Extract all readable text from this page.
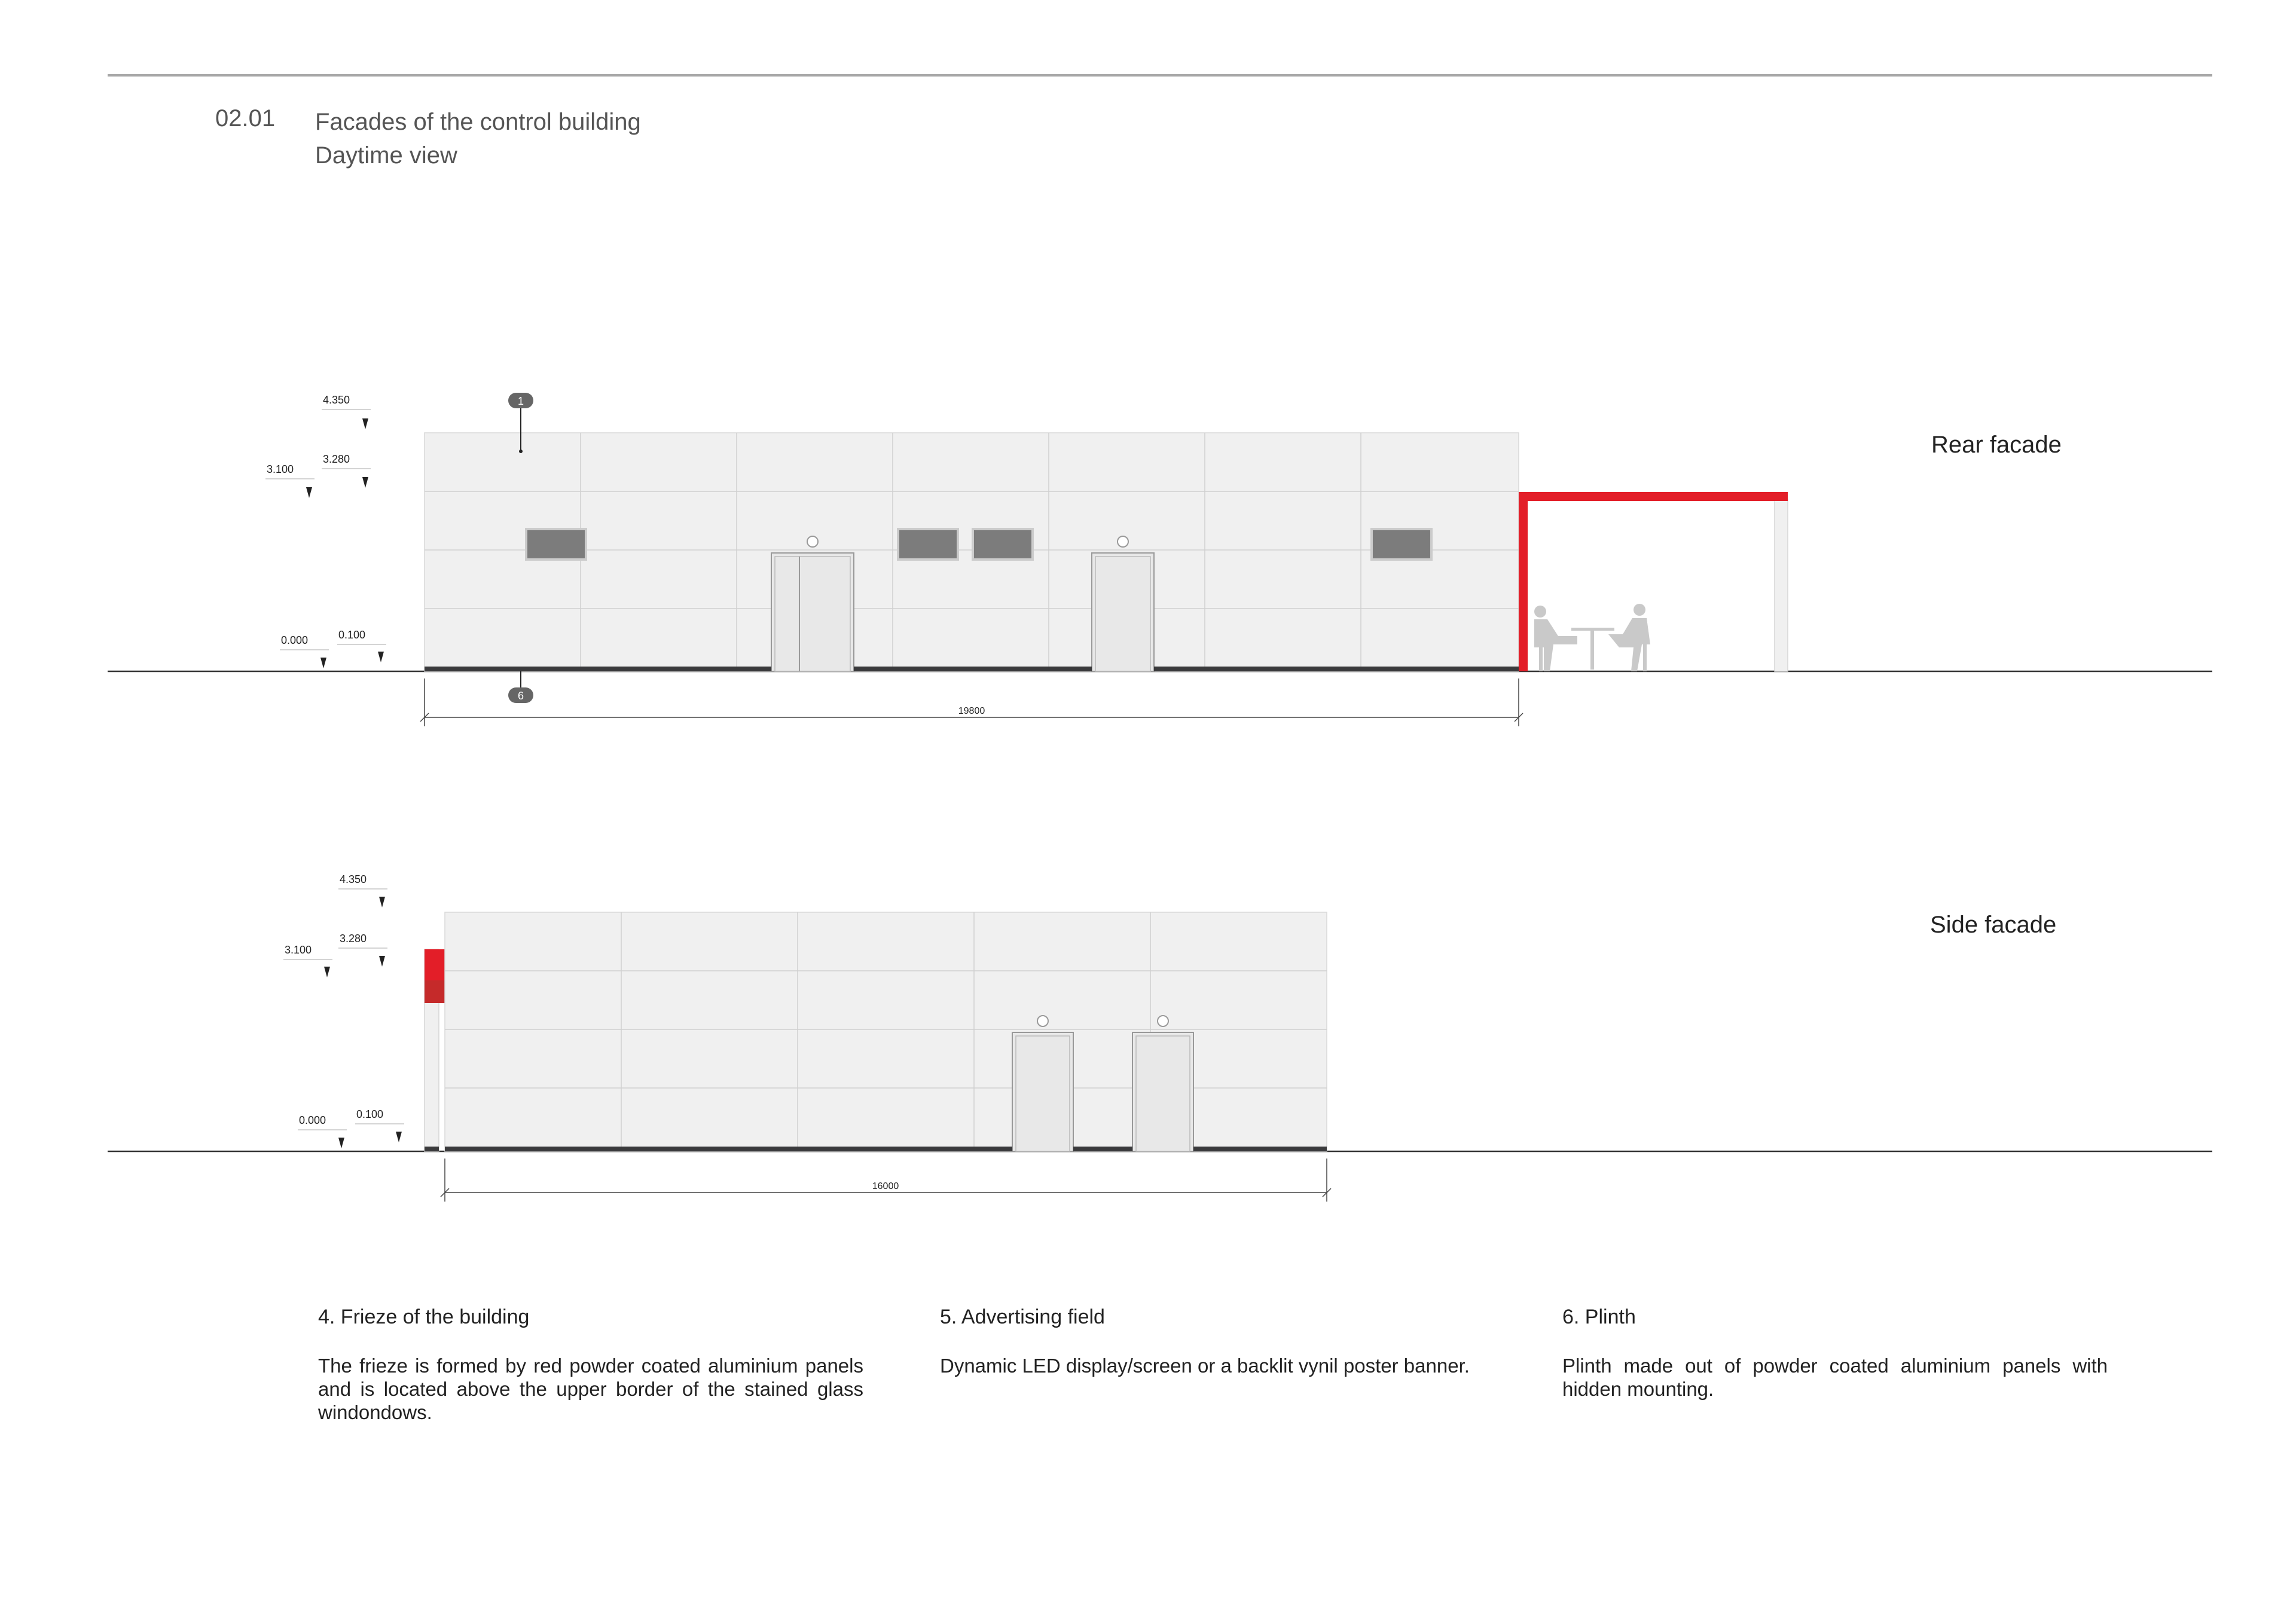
02.01 Facades of the control building
Daytime view
4.350
3.280
3.100
0.000	0.100
1
6
19800
Rear facade
4.350
3.280
3.100
0.000	0.100
16000
Side facade
4. Frieze of the building
The frieze is formed by red powder coated aluminium panels and is located above the upper border of the stained glass windondows.
5. Advertising field
Dynamic LED display/screen or a backlit vynil poster banner.
6. Plinth
Plinth made out of powder coated aluminium panels with hidden mounting.
